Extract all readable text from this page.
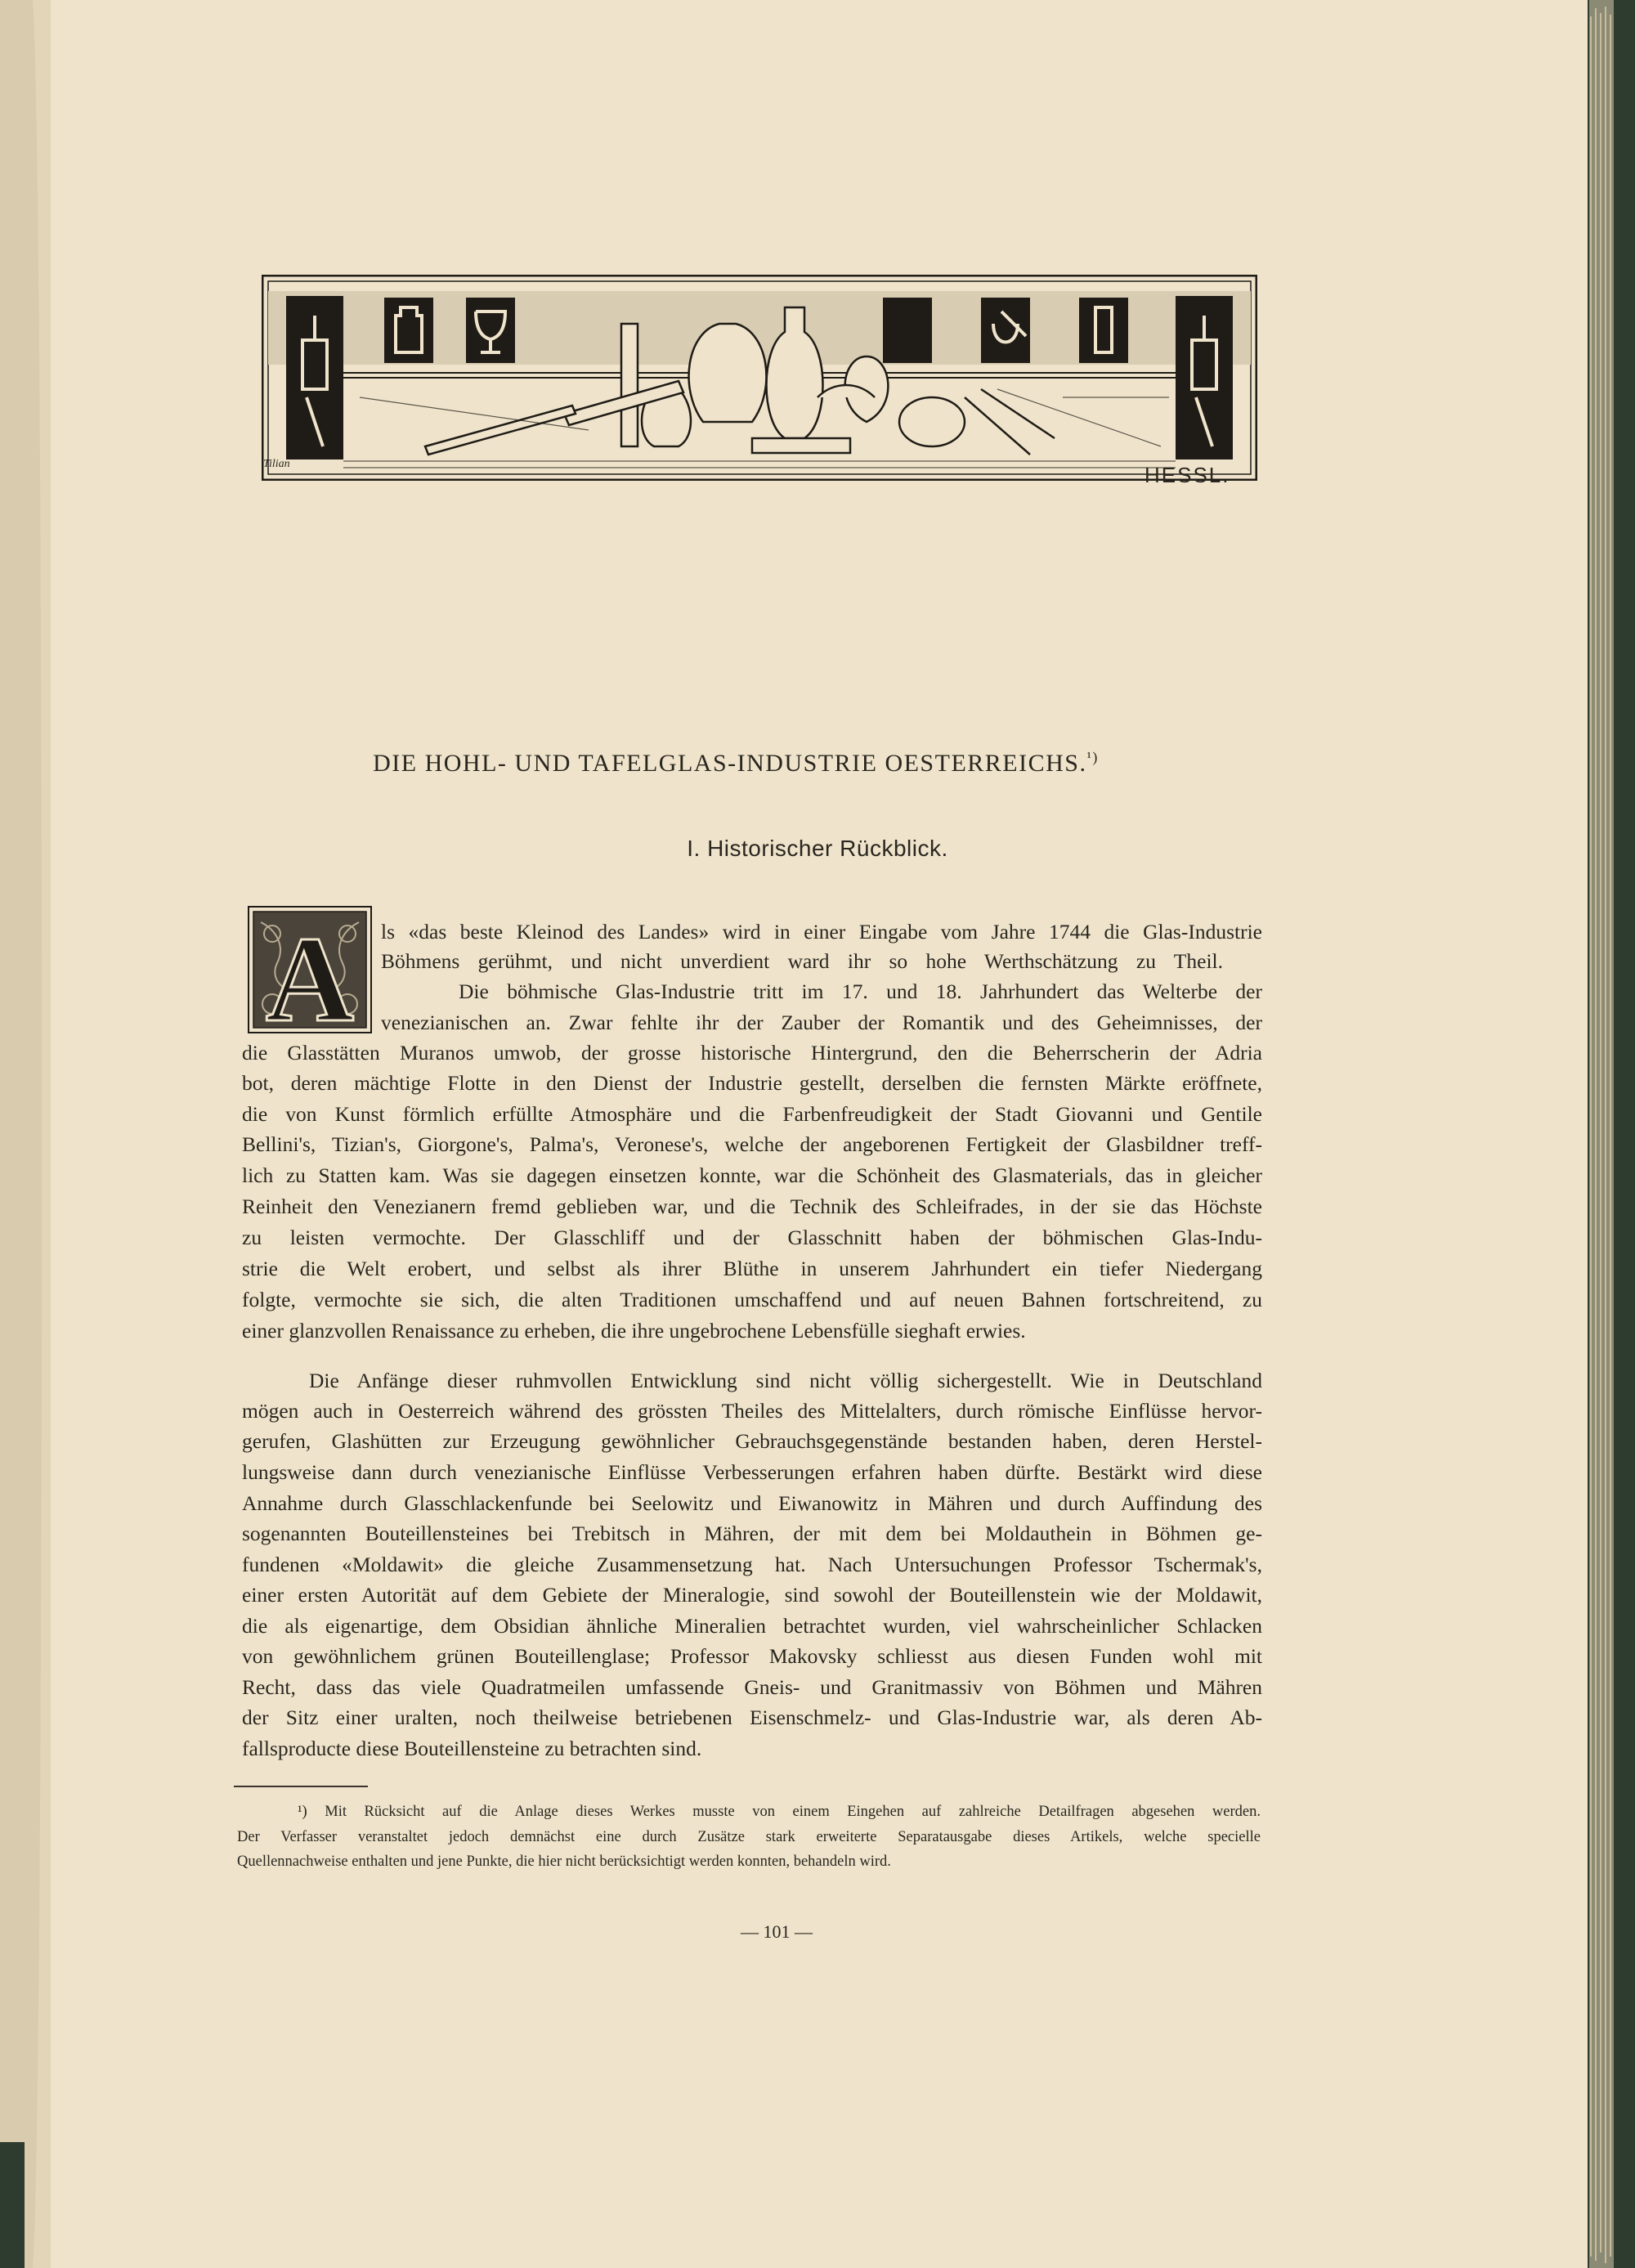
Tilian	HESSL.
DIE HOHL- UND TAFELGLAS-INDUSTRIE OESTERREICHS.$^{^1)}$
I. Historischer Rückblick.
A ls «das beste Kleinod des Landes» wird in einer Eingabe vom Jahre 1744 die Glas-Industrie
Böhmens gerühmt, und nicht unverdient ward ihr so hohe Werthschätzung zu Theil.
Die böhmische Glas-Industrie tritt im 17. und 18. Jahrhundert das Welterbe der
venezianischen an. Zwar fehlte ihr der Zauber der Romantik und des Geheimnisses, der
die Glasstätten Muranos umwob, der grosse historische Hintergrund, den die Beherrscherin der Adria
bot, deren mächtige Flotte in den Dienst der Industrie gestellt, derselben die fernsten Märkte eröffnete,
die von Kunst förmlich erfüllte Atmosphäre und die Farbenfreudigkeit der Stadt Giovanni und Gentile
Bellini's, Tizian's, Giorgone's, Palma's, Veronese's, welche der angeborenen Fertigkeit der Glasbildner treff-
lich zu Statten kam. Was sie dagegen einsetzen konnte, war die Schönheit des Glasmaterials, das in gleicher
Reinheit den Venezianern fremd geblieben war, und die Technik des Schleifrades, in der sie das Höchste
zu leisten vermochte. Der Glasschliff und der Glasschnitt haben der böhmischen Glas-Indu-
strie die Welt erobert, und selbst als ihrer Blüthe in unserem Jahrhundert ein tiefer Niedergang
folgte, vermochte sie sich, die alten Traditionen umschaffend und auf neuen Bahnen fortschreitend, zu
einer glanzvollen Renaissance zu erheben, die ihre ungebrochene Lebensfülle sieghaft erwies.
Die Anfänge dieser ruhmvollen Entwicklung sind nicht völlig sichergestellt. Wie in Deutschland
mögen auch in Oesterreich während des grössten Theiles des Mittelalters, durch römische Einflüsse hervor-
gerufen, Glashütten zur Erzeugung gewöhnlicher Gebrauchsgegenstände bestanden haben, deren Herstel-
lungsweise dann durch venezianische Einflüsse Verbesserungen erfahren haben dürfte. Bestärkt wird diese
Annahme durch Glasschlackenfunde bei Seelowitz und Eiwanowitz in Mähren und durch Auffindung des
sogenannten Bouteillensteines bei Trebitsch in Mähren, der mit dem bei Moldauthein in Böhmen ge-
fundenen «Moldawit» die gleiche Zusammensetzung hat. Nach Untersuchungen Professor Tschermak's,
einer ersten Autorität auf dem Gebiete der Mineralogie, sind sowohl der Bouteillenstein wie der Moldawit,
die als eigenartige, dem Obsidian ähnliche Mineralien betrachtet wurden, viel wahrscheinlicher Schlacken
von gewöhnlichem grünen Bouteillenglase; Professor Makovsky schliesst aus diesen Funden wohl mit
Recht, dass das viele Quadratmeilen umfassende Gneis- und Granitmassiv von Böhmen und Mähren
der Sitz einer uralten, noch theilweise betriebenen Eisenschmelz- und Glas-Industrie war, als deren Ab-
fallsproducte diese Bouteillensteine zu betrachten sind.
¹) Mit Rücksicht auf die Anlage dieses Werkes musste von einem Eingehen auf zahlreiche Detailfragen abgesehen werden.
Der Verfasser veranstaltet jedoch demnächst eine durch Zusätze stark erweiterte Separatausgabe dieses Artikels, welche specielle
Quellennachweise enthalten und jene Punkte, die hier nicht berücksichtigt werden konnten, behandeln wird.
— 101 —
